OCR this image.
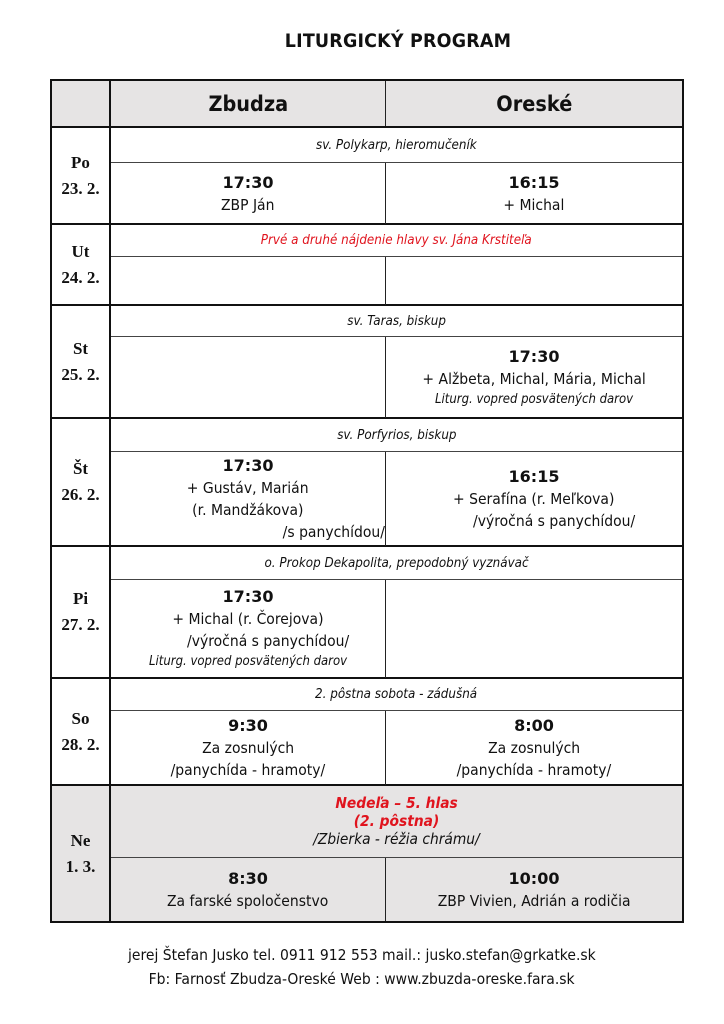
LITURGICKÝ PROGRAM
Zbudza	Oreské
Po
23. 2.
sv. Polykarp, hieromučeník
17:30
ZBP Ján
16:15
+ Michal
Ut
24. 2.
Prvé a druhé nájdenie hlavy sv. Jána Krstiteľa
St
25. 2.
sv. Taras, biskup
17:30
+ Alžbeta, Michal, Mária, Michal
Liturg. vopred posvätených darov
Št
26. 2.
sv. Porfyrios, biskup
17:30
+ Gustáv, Marián
(r. Mandžákova)
/s panychídou/
16:15
+ Serafína (r. Meľkova)
/výročná s panychídou/
Pi
27. 2.
o. Prokop Dekapolita, prepodobný vyznávač
17:30
+ Michal (r. Čorejova)
/výročná s panychídou/
Liturg. vopred posvätených darov
So
28. 2.
2. pôstna sobota - zádušná
9:30
Za zosnulých
/panychída - hramoty/
8:00
Za zosnulých
/panychída - hramoty/
Ne
1. 3.
Nedeľa – 5. hlas
(2. pôstna)
/Zbierka - réžia chrámu/
8:30
Za farské spoločenstvo
10:00
ZBP Vivien, Adrián a rodičia
jerej Štefan Jusko tel. 0911 912 553 mail.: jusko.stefan@grkatke.sk
Fb: Farnosť Zbudza-Oreské Web : www.zbuzda-oreske.fara.sk
